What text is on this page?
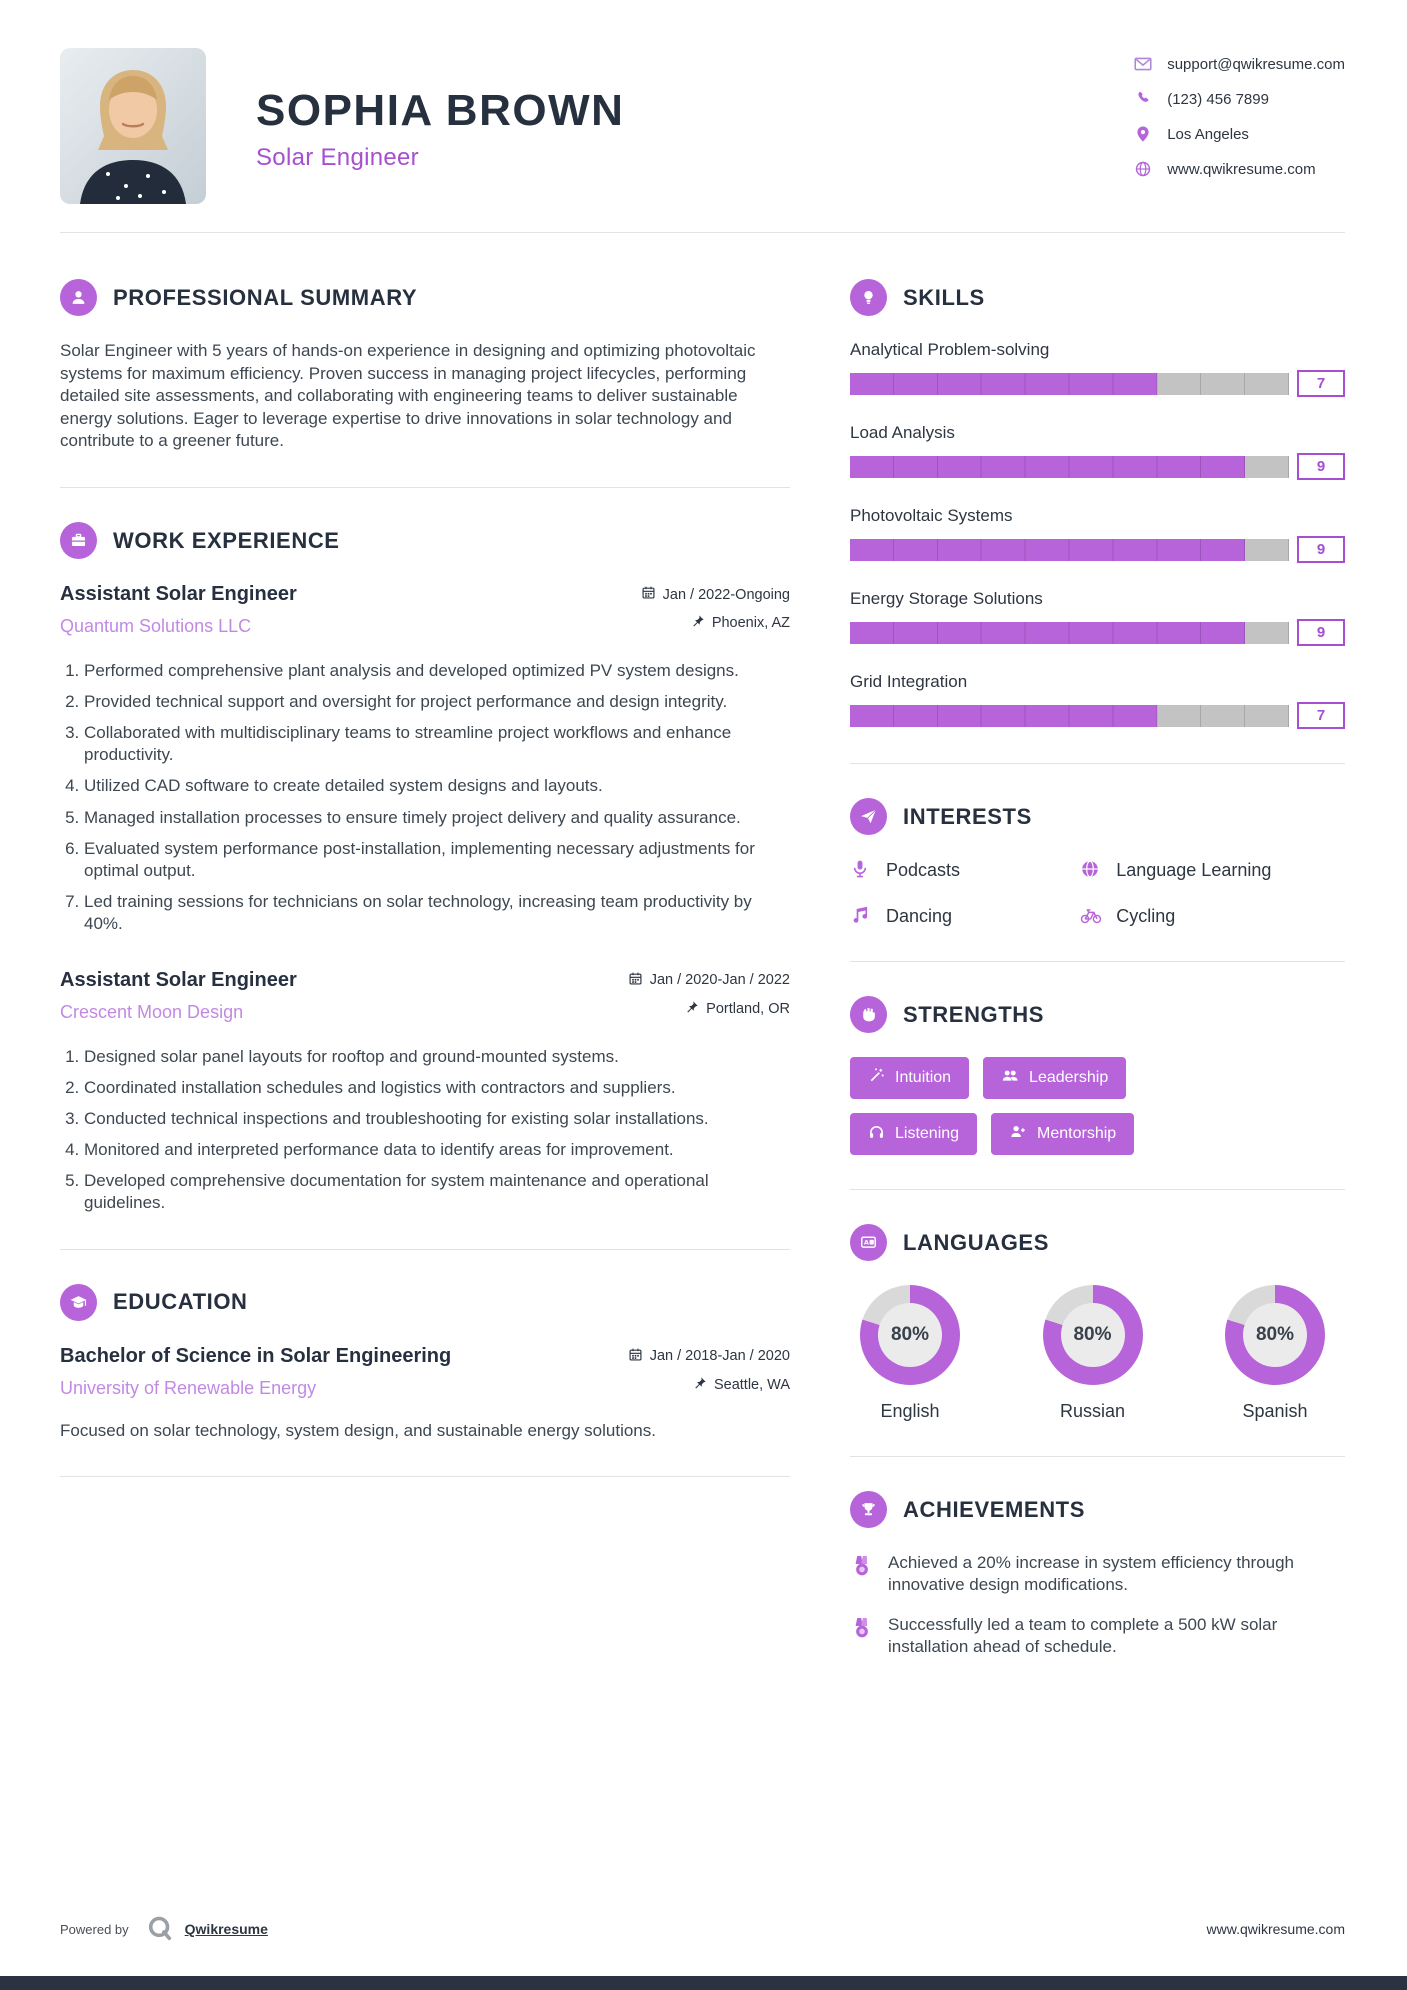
SOPHIA BROWN
Solar Engineer
support@qwikresume.com
(123) 456 7899
Los Angeles
www.qwikresume.com
PROFESSIONAL SUMMARY

Solar Engineer with 5 years of hands-on experience in designing and optimizing photovoltaic systems for maximum efficiency. Proven success in managing project lifecycles, performing detailed site assessments, and collaborating with engineering teams to deliver sustainable energy solutions. Eager to leverage expertise to drive innovations in solar technology and contribute to a greener future.

WORK EXPERIENCE
Assistant Solar Engineer
Quantum Solutions LLC
Jan / 2022-Ongoing
Phoenix, AZ
1. Performed comprehensive plant analysis and developed optimized PV system designs.
2. Provided technical support and oversight for project performance and design integrity.
3. Collaborated with multidisciplinary teams to streamline project workflows and enhance productivity.
4. Utilized CAD software to create detailed system designs and layouts.
5. Managed installation processes to ensure timely project delivery and quality assurance.
6. Evaluated system performance post-installation, implementing necessary adjustments for optimal output.
7. Led training sessions for technicians on solar technology, increasing team productivity by 40%.
Assistant Solar Engineer
Crescent Moon Design
Jan / 2020-Jan / 2022
Portland, OR
1. Designed solar panel layouts for rooftop and ground-mounted systems.
2. Coordinated installation schedules and logistics with contractors and suppliers.
3. Conducted technical inspections and troubleshooting for existing solar installations.
4. Monitored and interpreted performance data to identify areas for improvement.
5. Developed comprehensive documentation for system maintenance and operational guidelines.
EDUCATION
Bachelor of Science in Solar Engineering
University of Renewable Energy
Jan / 2018-Jan / 2020
Seattle, WA

Focused on solar technology, system design, and sustainable energy solutions.

SKILLS
Analytical Problem-solving
7
Load Analysis
9
Photovoltaic Systems
9
Energy Storage Solutions
9
Grid Integration
7
INTERESTS
Podcasts	Language Learning
Dancing	Cycling
STRENGTHS
Intuition	Leadership
Listening	Mentorship
A LANGUAGES
80%
English
80%
Russian
80%
Spanish
ACHIEVEMENTS
Achieved a 20% increase in system efficiency through innovative design modifications.
Successfully led a team to complete a 500 kW solar installation ahead of schedule.
Powered by	Qwikresume	www.qwikresume.com
